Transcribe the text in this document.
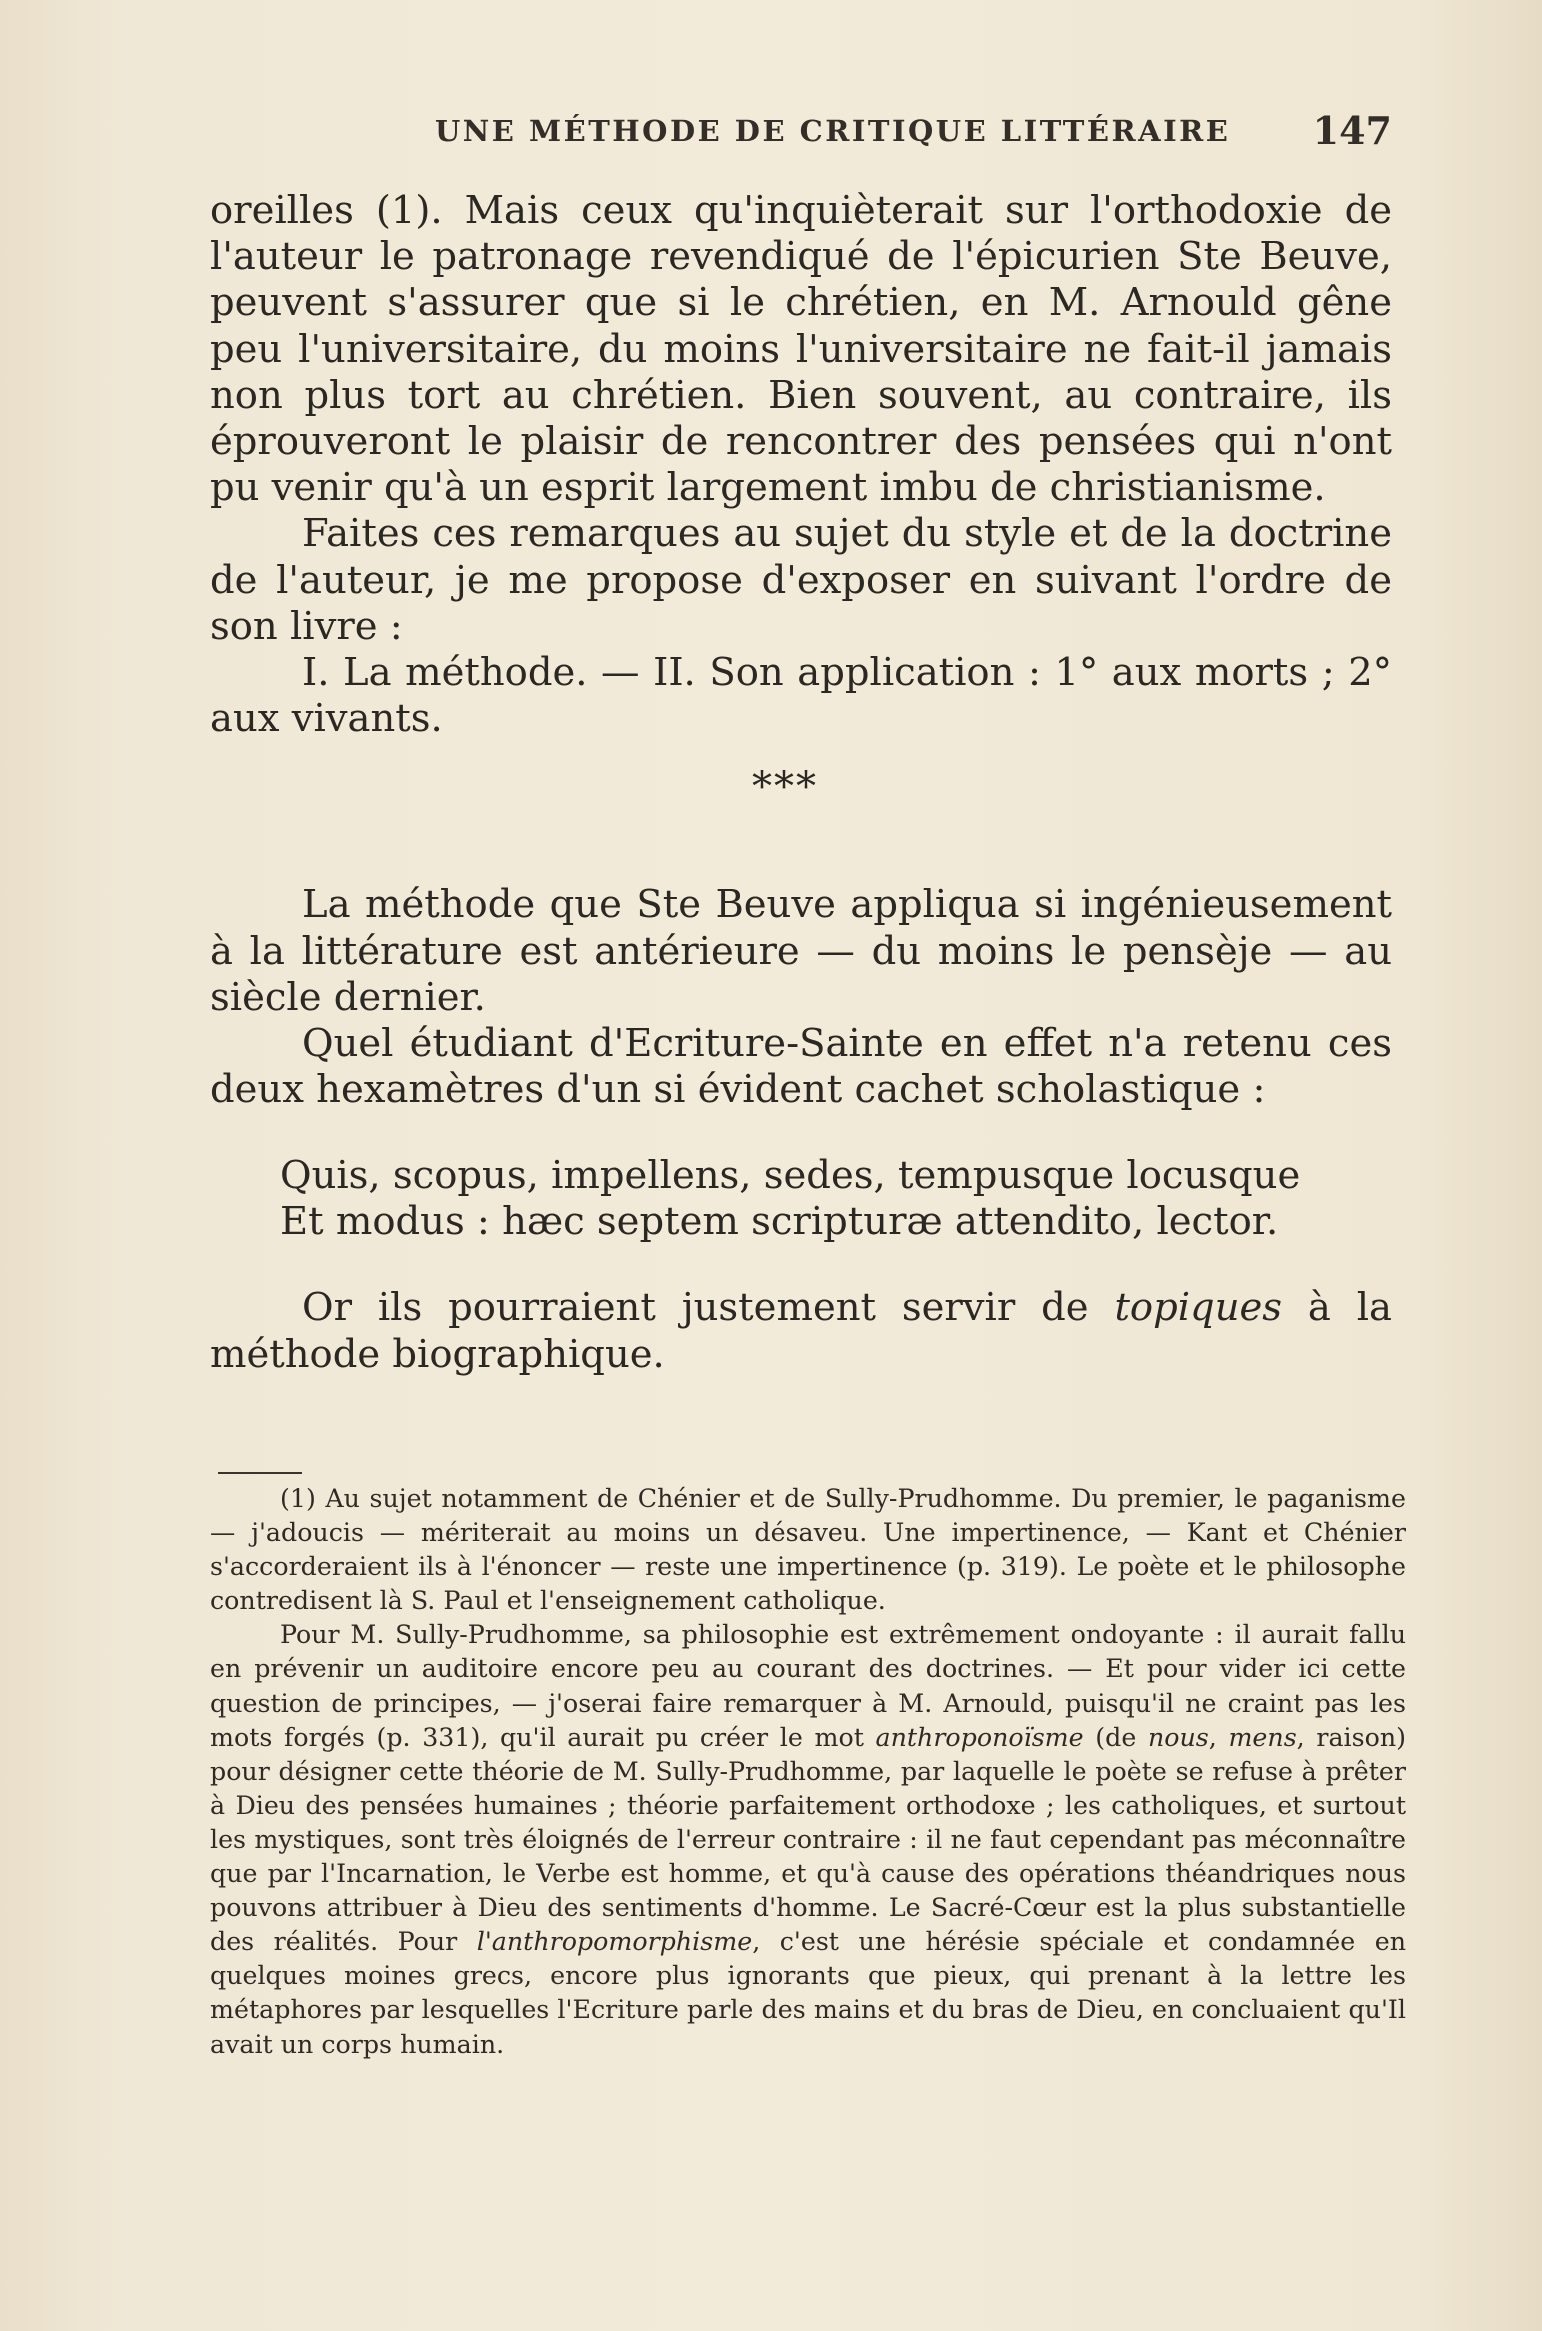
UNE MÉTHODE DE CRITIQUE LITTÉRAIRE 147

oreilles (1). Mais ceux qu'inquièterait sur l'orthodoxie de l'auteur le patronage revendiqué de l'épicurien Ste Beuve, peuvent s'assurer que si le chrétien, en M. Arnould gêne peu l'universitaire, du moins l'universitaire ne fait-il jamais non plus tort au chrétien. Bien souvent, au contraire, ils éprouveront le plaisir de rencontrer des pensées qui n'ont pu venir qu'à un esprit largement imbu de christianisme.

Faites ces remarques au sujet du style et de la doctrine de l'auteur, je me propose d'exposer en suivant l'ordre de son livre :

I. La méthode. — II. Son application : 1° aux morts ; 2° aux vivants.

***

La méthode que Ste Beuve appliqua si ingénieusement à la littérature est antérieure — du moins le pensèje — au siècle dernier.

Quel étudiant d'Ecriture-Sainte en effet n'a retenu ces deux hexamètres d'un si évident cachet scholastique :

Quis, scopus, impellens, sedes, tempusque locusque
Et modus : hæc septem scripturæ attendito, lector.

Or ils pourraient justement servir de topiques à la méthode biographique.

(1) Au sujet notamment de Chénier et de Sully-Prudhomme. Du premier, le paganisme — j'adoucis — mériterait au moins un désaveu. Une impertinence, — Kant et Chénier s'accorderaient ils à l'énoncer — reste une impertinence (p. 319). Le poète et le philosophe contredisent là S. Paul et l'enseignement catholique.

Pour M. Sully-Prudhomme, sa philosophie est extrêmement ondoyante : il aurait fallu en prévenir un auditoire encore peu au courant des doctrines. — Et pour vider ici cette question de principes, — j'oserai faire remarquer à M. Arnould, puisqu'il ne craint pas les mots forgés (p. 331), qu'il aurait pu créer le mot anthroponoïsme (de nous, mens, raison) pour désigner cette théorie de M. Sully-Prudhomme, par laquelle le poète se refuse à prêter à Dieu des pensées humaines ; théorie parfaitement orthodoxe ; les catholiques, et surtout les mystiques, sont très éloignés de l'erreur contraire : il ne faut cependant pas méconnaître que par l'Incarnation, le Verbe est homme, et qu'à cause des opérations théandriques nous pouvons attribuer à Dieu des sentiments d'homme. Le Sacré-Cœur est la plus substantielle des réalités. Pour l'anthropomorphisme, c'est une hérésie spéciale et condamnée en quelques moines grecs, encore plus ignorants que pieux, qui prenant à la lettre les métaphores par lesquelles l'Ecriture parle des mains et du bras de Dieu, en concluaient qu'Il avait un corps humain.
